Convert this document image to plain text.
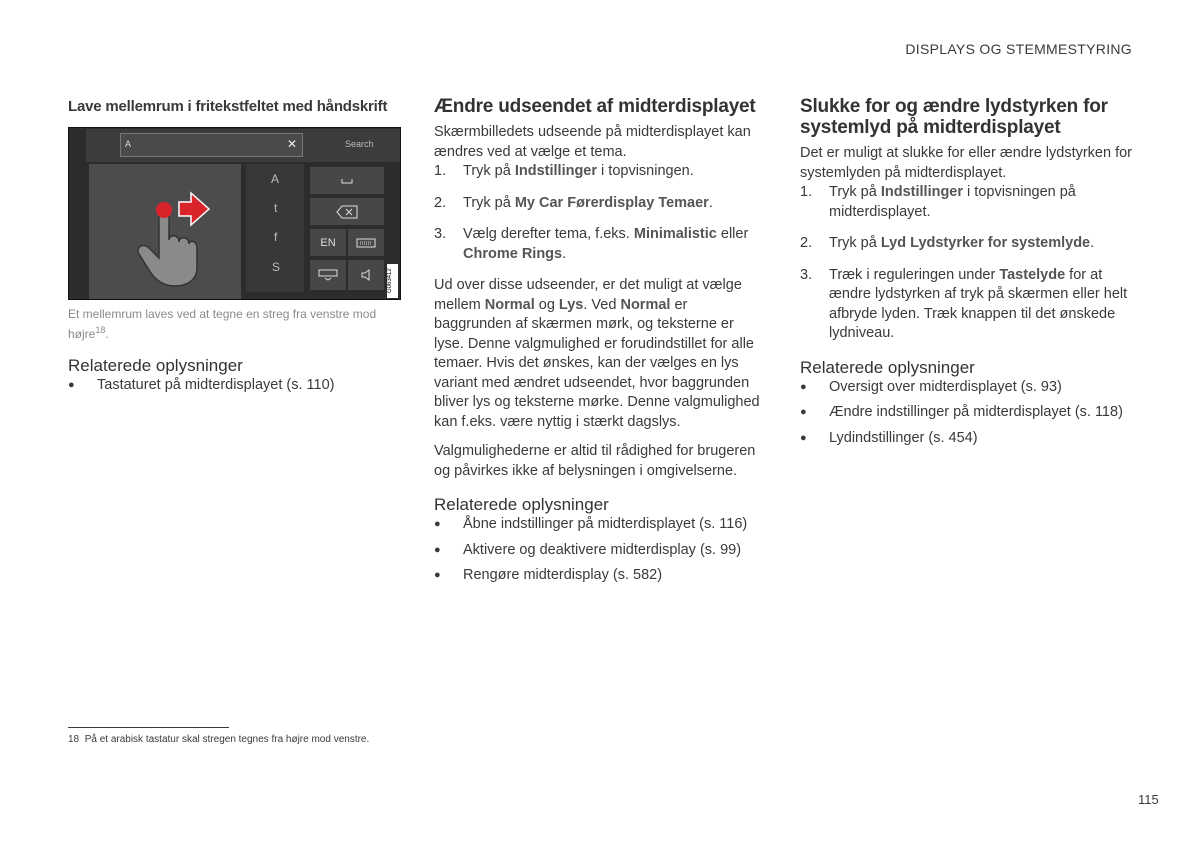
DISPLAYS OG STEMMESTYRING
Lave mellemrum i fritekstfeltet med håndskrift
A	✕	Search
A
t
f
S
EN
G063412
Et mellemrum laves ved at tegne en streg fra venstre mod højre$^{18}$.
Relaterede oplysninger
●	Tastaturet på midterdisplayet (s. 110)
Ændre udseendet af midterdisplayet

Skærmbilledets udseende på midterdisplayet kan ændres ved at vælge et tema.

1.	Tryk på Indstillinger i topvisningen.
2.	Tryk på My Car Førerdisplay Temaer.
3.	Vælg derefter tema, f.eks. Minimalistic eller Chrome Rings.

Ud over disse udseender, er det muligt at vælge mellem Normal og Lys. Ved Normal er baggrunden af skærmen mørk, og teksterne er lyse. Denne valgmulighed er forudindstillet for alle temaer. Hvis det ønskes, kan der vælges en lys variant med ændret udseendet, hvor baggrunden bliver lys og teksterne mørke. Denne valgmulighed kan f.eks. være nyttig i stærkt dagslys.

Valgmulighederne er altid til rådighed for brugeren og påvirkes ikke af belysningen i omgivelserne.

Relaterede oplysninger
●	Åbne indstillinger på midterdisplayet (s. 116)
●	Aktivere og deaktivere midterdisplay (s. 99)
●	Rengøre midterdisplay (s. 582)
Slukke for og ændre lydstyrken for systemlyd på midterdisplayet

Det er muligt at slukke for eller ændre lydstyrken for systemlyden på midterdisplayet.

1.	Tryk på Indstillinger i topvisningen på midterdisplayet.
2.	Tryk på Lyd Lydstyrker for systemlyde.
3.	Træk i reguleringen under Tastelyde for at ændre lydstyrken af tryk på skærmen eller helt afbryde lyden. Træk knappen til det ønskede lydniveau.
Relaterede oplysninger
●	Oversigt over midterdisplayet (s. 93)
●	Ændre indstillinger på midterdisplayet (s. 118)
●	Lydindstillinger (s. 454)
18 På et arabisk tastatur skal stregen tegnes fra højre mod venstre.
115
